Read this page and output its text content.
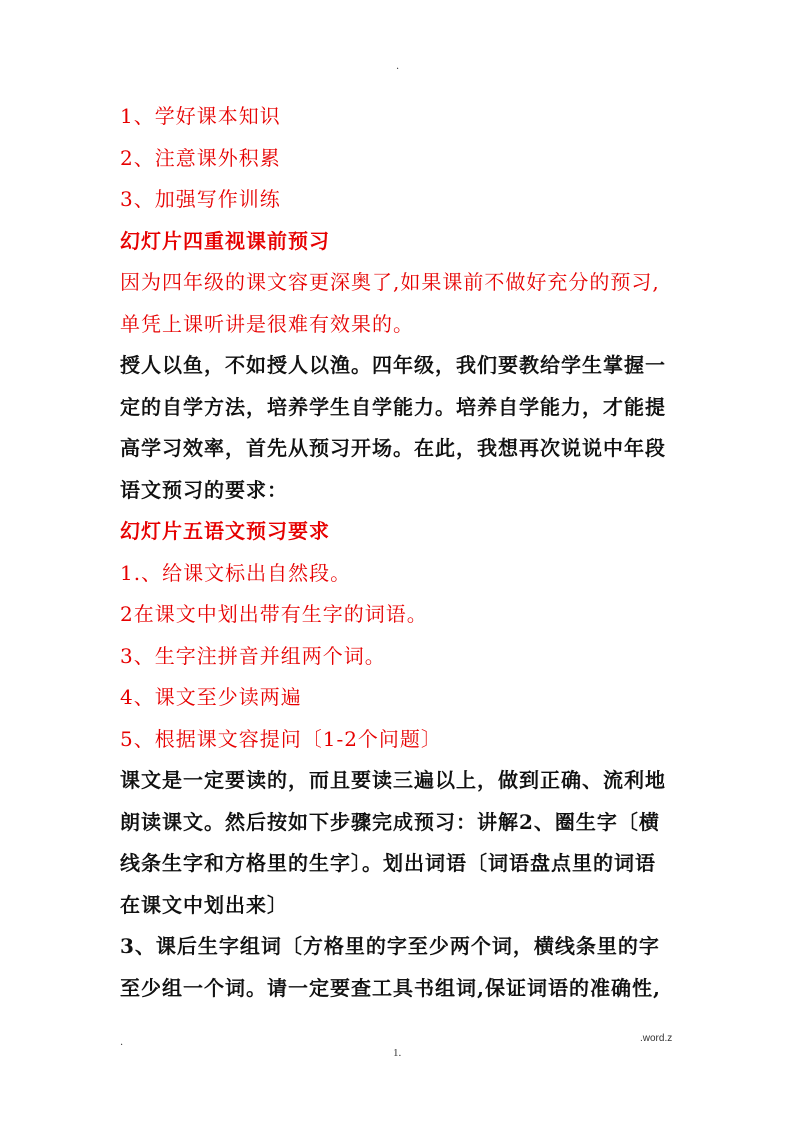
.
1、学好课本知识
2、注意课外积累
3、加强写作训练
幻灯片四重视课前预习
因为四年级的课文容更深奥了,如果课前不做好充分的预习,
单凭上课听讲是很难有效果的。
授人以鱼，不如授人以渔。四年级，我们要教给学生掌握一
定的自学方法，培养学生自学能力。培养自学能力，才能提
高学习效率，首先从预习开场。在此，我想再次说说中年段
语文预习的要求：
幻灯片五语文预习要求
1.、给课文标出自然段。
2在课文中划出带有生字的词语。
3、生字注拼音并组两个词。
4、课文至少读两遍
5、根据课文容提问〔1-2个问题〕
课文是一定要读的，而且要读三遍以上，做到正确、流利地
朗读课文。然后按如下步骤完成预习：讲解2、圈生字〔横
线条生字和方格里的生字〕。划出词语〔词语盘点里的词语
在课文中划出来〕
3、课后生字组词〔方格里的字至少两个词，横线条里的字
至少组一个词。请一定要查工具书组词,保证词语的准确性,
.	.word.z
1.
